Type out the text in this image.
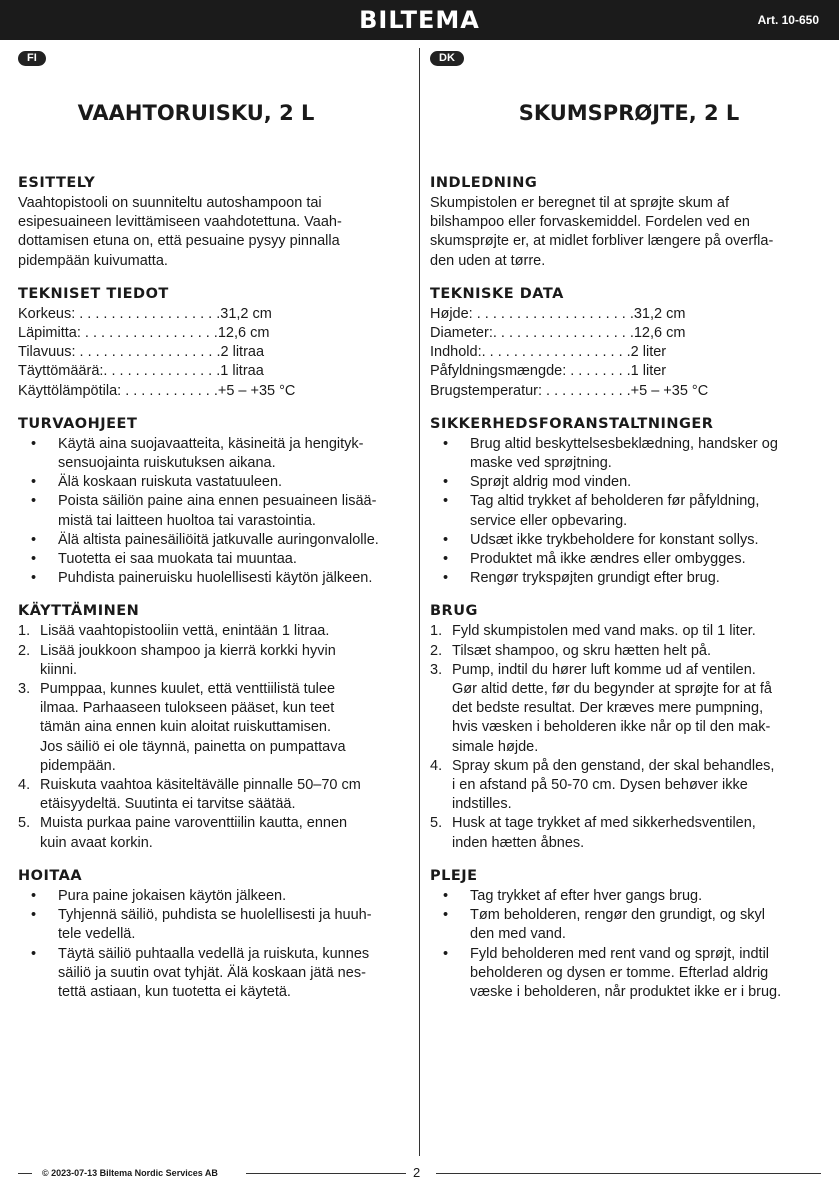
BILTEMA	Art. 10-650
FI
VAAHTORUISKU, 2 L
ESITTELY

Vaahtopistooli on suunniteltu autoshampoon tai

esipesuaineen levittämiseen vaahdotettuna. Vaah-

dottamisen etuna on, että pesuaine pysyy pinnalla

pidempään kuivumatta.

TEKNISET TIEDOT
Korkeus: . . . . . . . . . . . . . . . . . .31,2 cm
Läpimitta: . . . . . . . . . . . . . . . . .12,6 cm
Tilavuus: . . . . . . . . . . . . . . . . . .2 litraa
Täyttömäärä:. . . . . . . . . . . . . . .1 litraa
Käyttölämpötila: . . . . . . . . . . . .+5 – +35 °C
TURVAOHJEET
• Käytä aina suojavaatteita, käsineitä ja hengityk-
sensuojainta ruiskutuksen aikana.
• Älä koskaan ruiskuta vastatuuleen.
• Poista säiliön paine aina ennen pesuaineen lisää-
mistä tai laitteen huoltoa tai varastointia.
• Älä altista painesäiliöitä jatkuvalle auringonvalolle.
• Tuotetta ei saa muokata tai muuntaa.
• Puhdista paineruisku huolellisesti käytön jälkeen.
KÄYTTÄMINEN
1. Lisää vaahtopistooliin vettä, enintään 1 litraa.
2. Lisää joukkoon shampoo ja kierrä korkki hyvin
kiinni.
3. Pumppaa, kunnes kuulet, että venttiilistä tulee
ilmaa. Parhaaseen tulokseen pääset, kun teet
tämän aina ennen kuin aloitat ruiskuttamisen.
Jos säiliö ei ole täynnä, painetta on pumpattava
pidempään.
4. Ruiskuta vaahtoa käsiteltävälle pinnalle 50–70 cm
etäisyydeltä. Suutinta ei tarvitse säätää.
5. Muista purkaa paine varoventtiilin kautta, ennen
kuin avaat korkin.
HOITAA
• Pura paine jokaisen käytön jälkeen.
• Tyhjennä säiliö, puhdista se huolellisesti ja huuh-
tele vedellä.
• Täytä säiliö puhtaalla vedellä ja ruiskuta, kunnes
säiliö ja suutin ovat tyhjät. Älä koskaan jätä nes-
tettä astiaan, kun tuotetta ei käytetä.
DK
SKUMSPRØJTE, 2 L
INDLEDNING

Skumpistolen er beregnet til at sprøjte skum af

bilshampoo eller forvaskemiddel. Fordelen ved en

skumsprøjte er, at midlet forbliver længere på overfla-

den uden at tørre.

TEKNISKE DATA
Højde: . . . . . . . . . . . . . . . . . . . .31,2 cm
Diameter:. . . . . . . . . . . . . . . . . .12,6 cm
Indhold:. . . . . . . . . . . . . . . . . . .2 liter
Påfyldningsmængde: . . . . . . . .1 liter
Brugstemperatur: . . . . . . . . . . .+5 – +35 °C
SIKKERHEDSFORANSTALTNINGER
• Brug altid beskyttelsesbeklædning, handsker og
maske ved sprøjtning.
• Sprøjt aldrig mod vinden.
• Tag altid trykket af beholderen før påfyldning,
service eller opbevaring.
• Udsæt ikke trykbeholdere for konstant sollys.
• Produktet må ikke ændres eller ombygges.
• Rengør trykspøjten grundigt efter brug.
BRUG
1. Fyld skumpistolen med vand maks. op til 1 liter.
2. Tilsæt shampoo, og skru hætten helt på.
3. Pump, indtil du hører luft komme ud af ventilen.
Gør altid dette, før du begynder at sprøjte for at få
det bedste resultat. Der kræves mere pumpning,
hvis væsken i beholderen ikke når op til den mak-
simale højde.
4. Spray skum på den genstand, der skal behandles,
i en afstand på 50-70 cm. Dysen behøver ikke
indstilles.
5. Husk at tage trykket af med sikkerhedsventilen,
inden hætten åbnes.
PLEJE
• Tag trykket af efter hver gangs brug.
• Tøm beholderen, rengør den grundigt, og skyl
den med vand.
• Fyld beholderen med rent vand og sprøjt, indtil
beholderen og dysen er tomme. Efterlad aldrig
væske i beholderen, når produktet ikke er i brug.
© 2023-07-13 Biltema Nordic Services AB	2
